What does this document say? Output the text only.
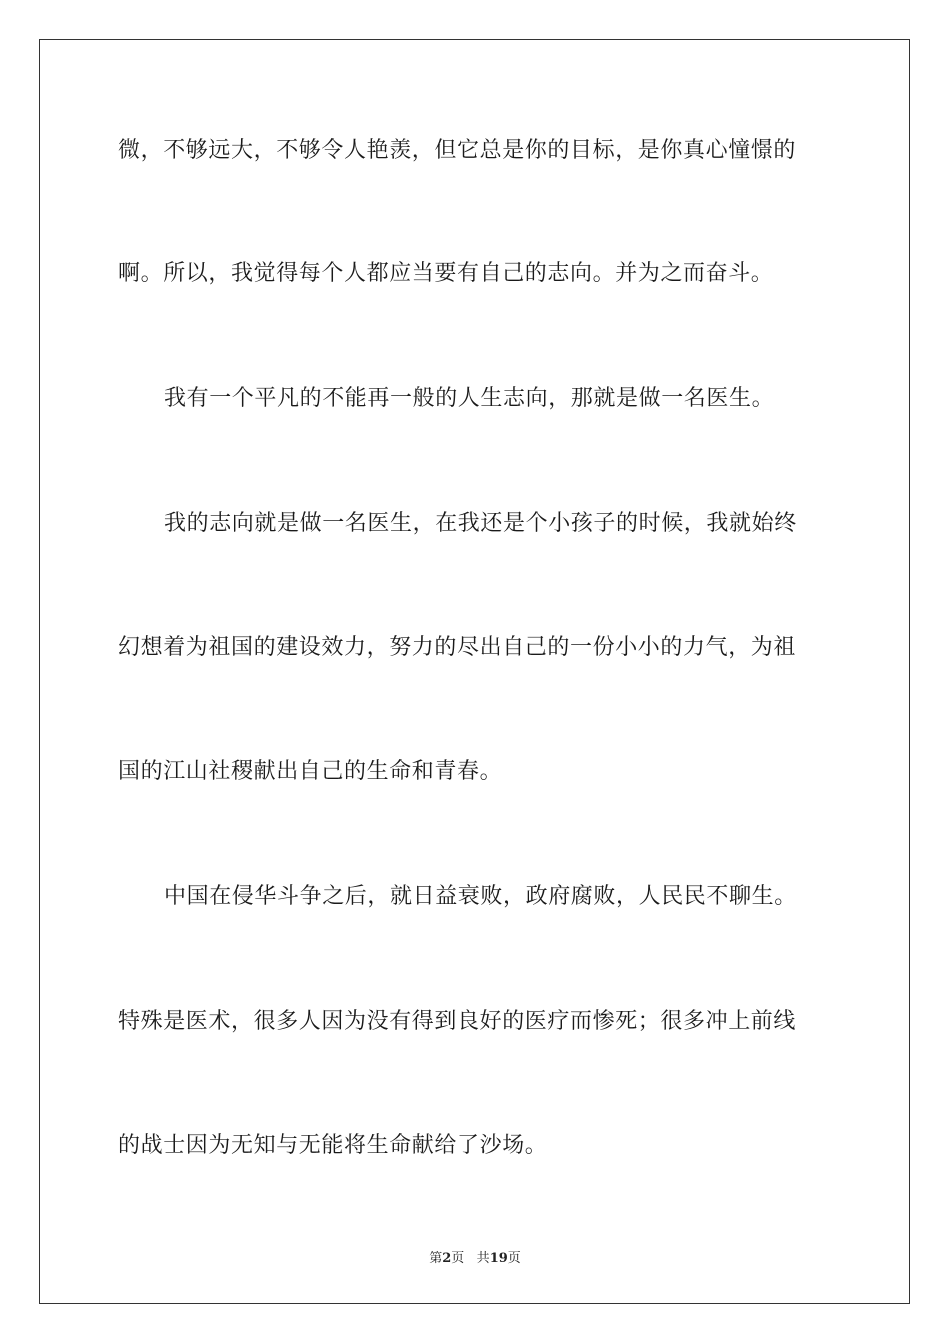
微，不够远大，不够令人艳羡，但它总是你的目标，是你真心憧憬的
啊。所以，我觉得每个人都应当要有自己的志向。并为之而奋斗。
我有一个平凡的不能再一般的人生志向，那就是做一名医生。
我的志向就是做一名医生，在我还是个小孩子的时候，我就始终
幻想着为祖国的建设效力，努力的尽出自己的一份小小的力气，为祖
国的江山社稷献出自己的生命和青春。
中国在侵华斗争之后，就日益衰败，政府腐败，人民民不聊生。
特殊是医术，很多人因为没有得到良好的医疗而惨死；很多冲上前线
的战士因为无知与无能将生命献给了沙场。
第2页 共19页
